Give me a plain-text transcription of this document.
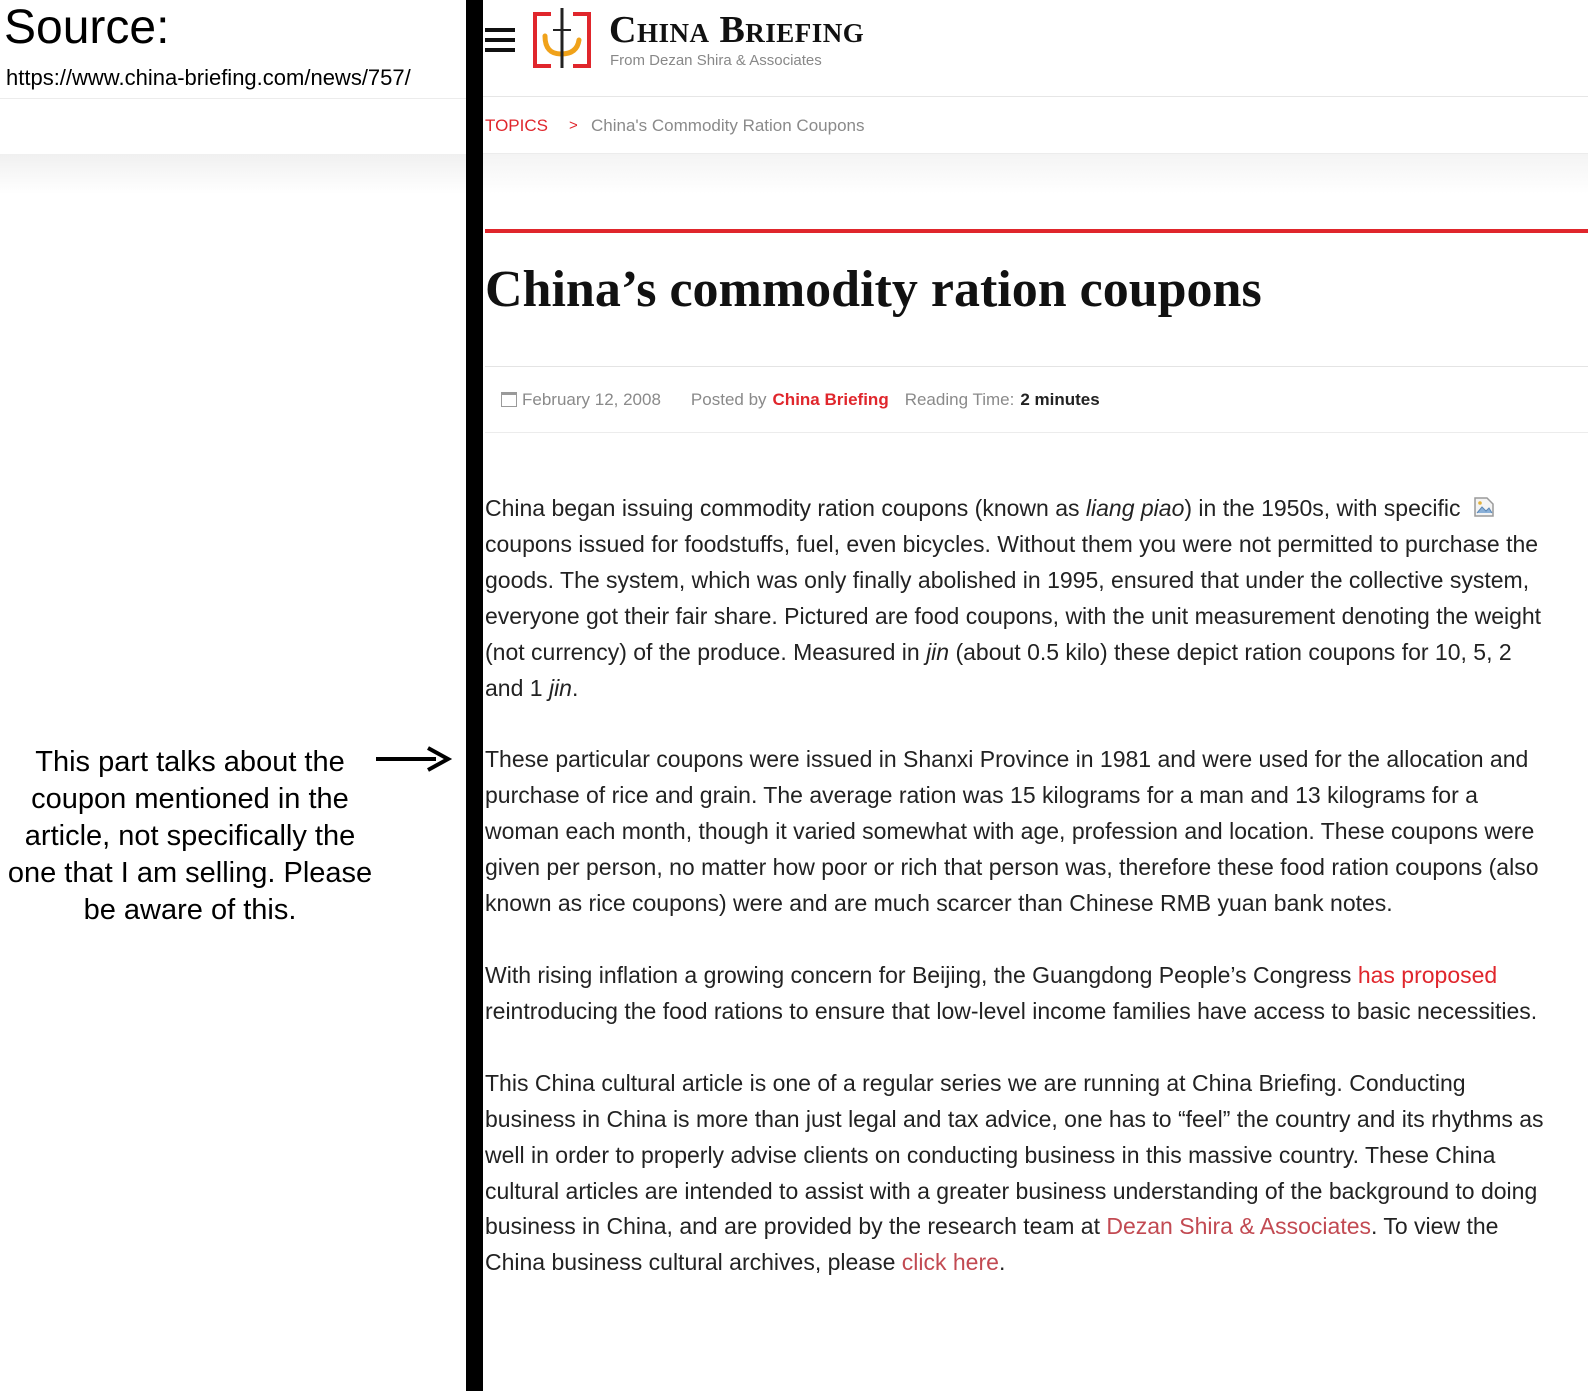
Source:
https://www.china-briefing.com/news/757/
This part talks about the coupon mentioned in the article, not specifically the one that I am selling. Please be aware of this.
China Briefing
From Dezan Shira & Associates
TOPICS > China's Commodity Ration Coupons
China’s commodity ration coupons
February 12, 2008 Posted by China Briefing Reading Time: 2 minutes

China began issuing commodity ration coupons (known as liang piao) in the 1950s, with specific
coupons issued for foodstuffs, fuel, even bicycles. Without them you were not permitted to purchase the goods. The system, which was only finally abolished in 1995, ensured that under the collective system, everyone got their fair share. Pictured are food coupons, with the unit measurement denoting the weight (not currency) of the produce. Measured in jin (about 0.5 kilo) these depict ration coupons for 10, 5, 2 and 1 jin.

These particular coupons were issued in Shanxi Province in 1981 and were used for the allocation and purchase of rice and grain. The average ration was 15 kilograms for a man and 13 kilograms for a woman each month, though it varied somewhat with age, profession and location. These coupons were given per person, no matter how poor or rich that person was, therefore these food ration coupons (also known as rice coupons) were and are much scarcer than Chinese RMB yuan bank notes.

With rising inflation a growing concern for Beijing, the Guangdong People’s Congress has proposed reintroducing the food rations to ensure that low-level income families have access to basic necessities.

This China cultural article is one of a regular series we are running at China Briefing. Conducting business in China is more than just legal and tax advice, one has to “feel” the country and its rhythms as well in order to properly advise clients on conducting business in this massive country. These China cultural articles are intended to assist with a greater business understanding of the background to doing business in China, and are provided by the research team at Dezan Shira & Associates. To view the China business cultural archives, please click here.
